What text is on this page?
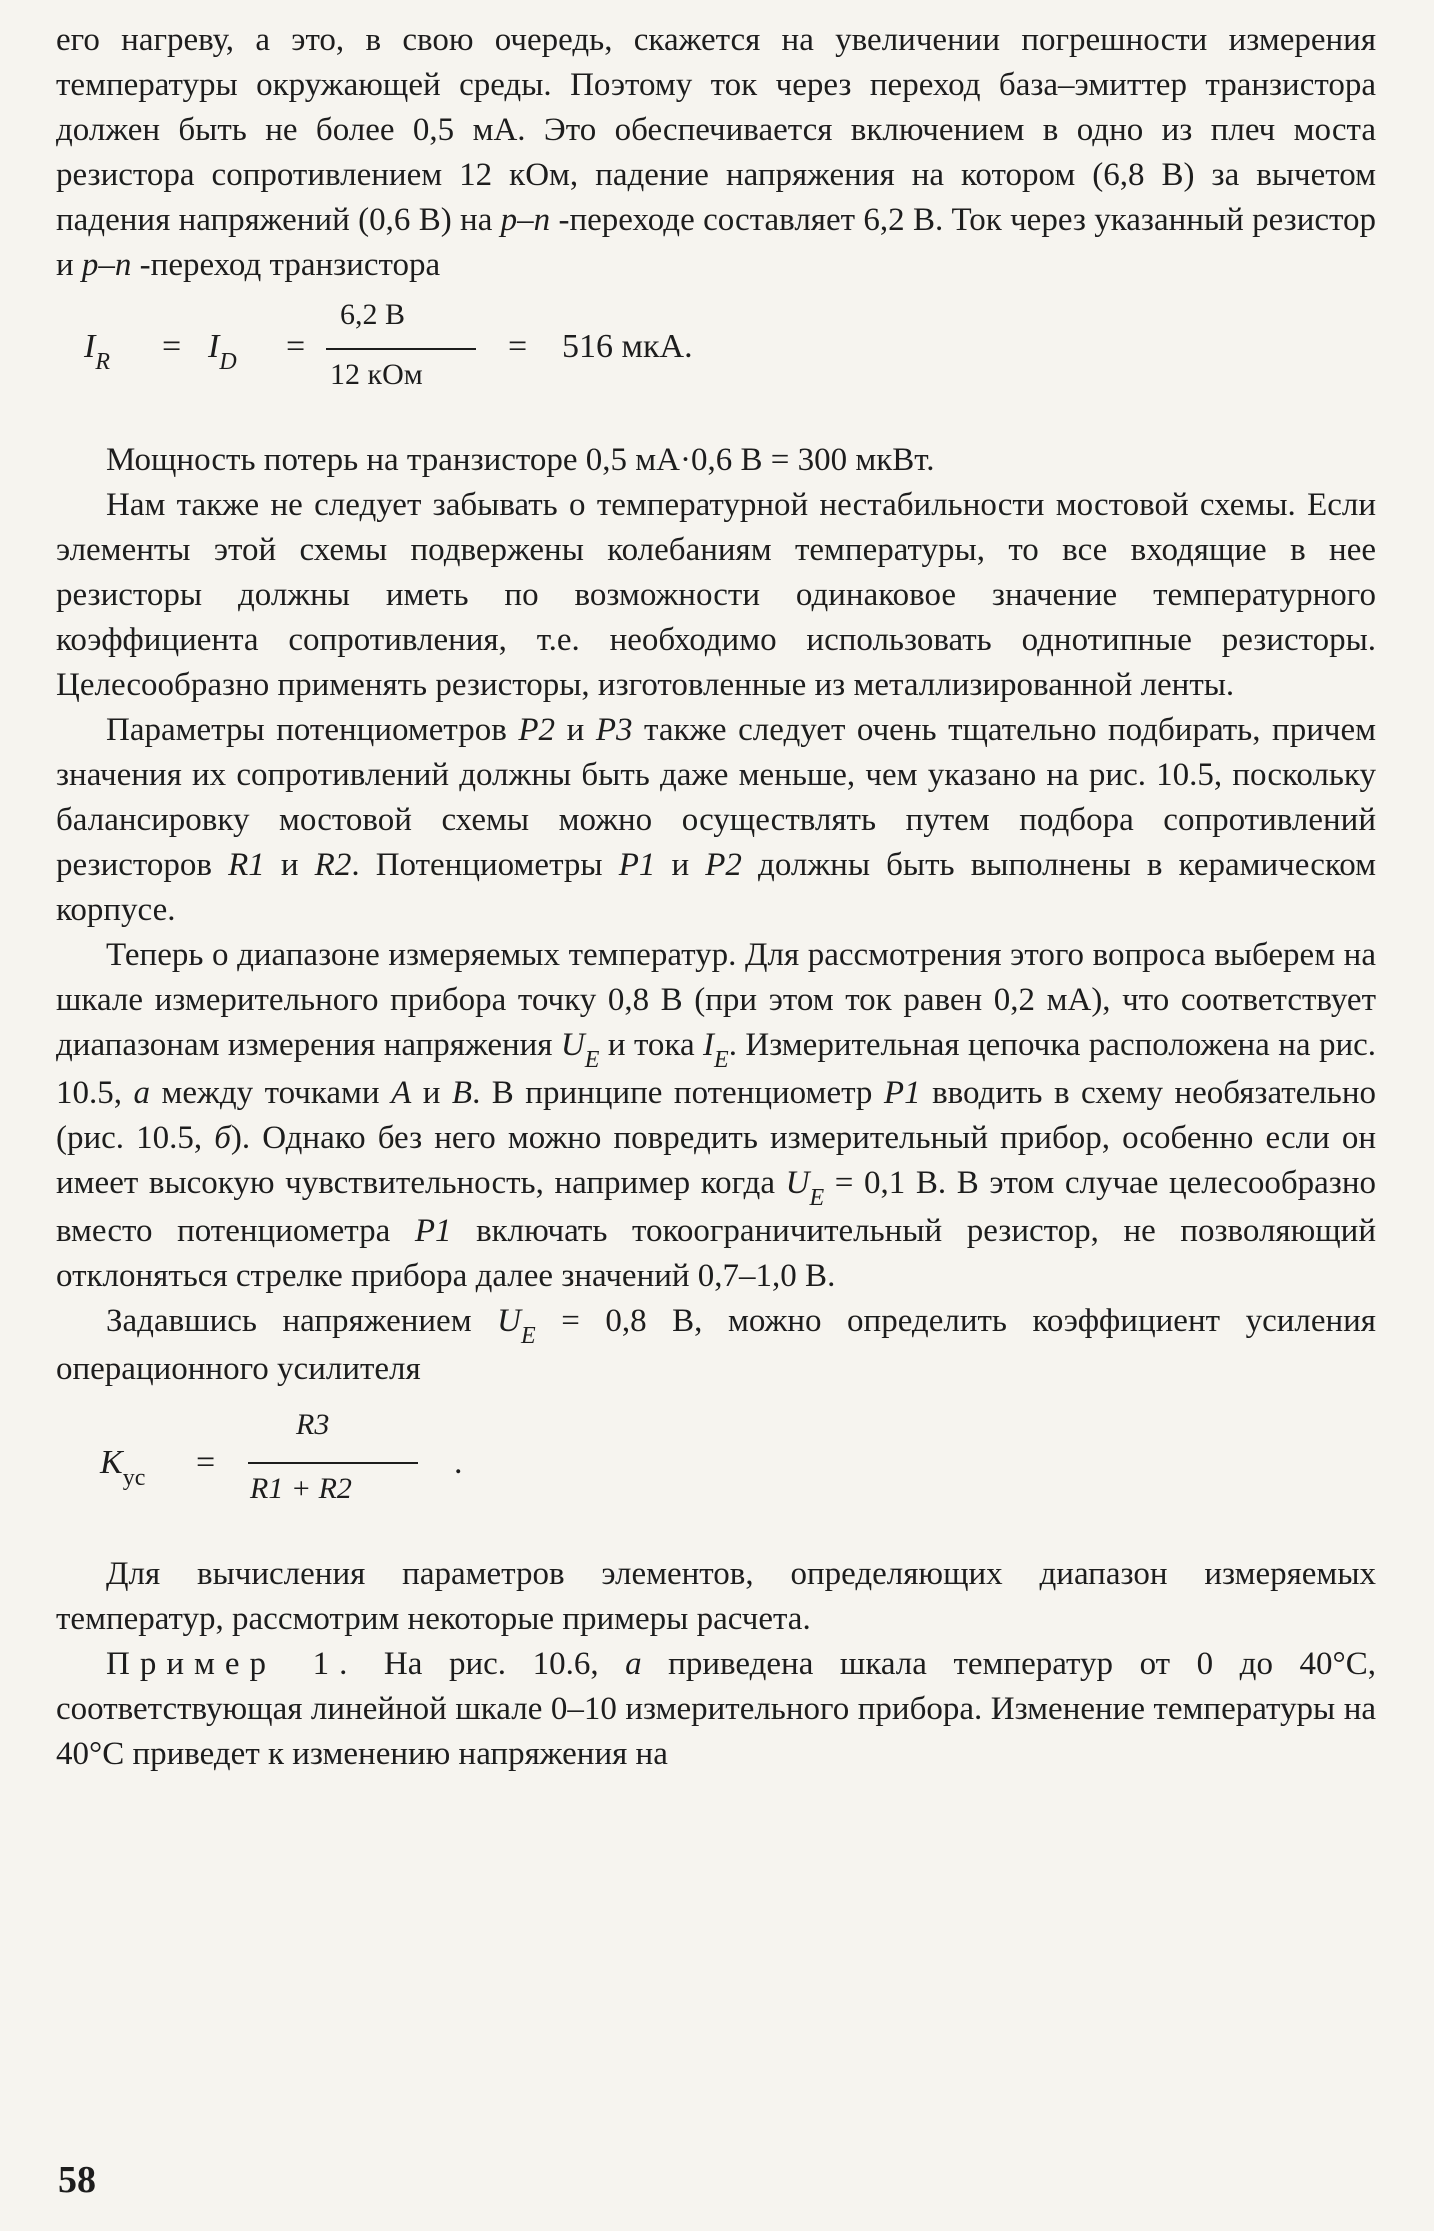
его нагреву, а это, в свою очередь, скажется на увеличении погрешности измерения температуры окружающей среды. Поэтому ток через переход база–эмиттер транзистора должен быть не более 0,5 мА. Это обеспечивается включением в одно из плеч моста резистора сопротивлением 12 кОм, падение напряжения на котором (6,8 В) за вычетом падения напряжений (0,6 В) на p–n -переходе составляет 6,2 В. Ток через указанный резистор и p–n -переход транзистора

$I_R = I_D$ =
6,2 В
12 кОм
= 516 мкА.

Мощность потерь на транзисторе 0,5 мА·0,6 В = 300 мкВт.

Нам также не следует забывать о температурной нестабильности мостовой схемы. Если элементы этой схемы подвержены колебаниям температуры, то все входящие в нее резисторы должны иметь по возможности одинаковое значение температурного коэффициента сопротивления, т.е. необходимо использовать однотипные резисторы. Целесообразно применять резисторы, изготовленные из металлизированной ленты.

Параметры потенциометров P2 и P3 также следует очень тщательно подбирать, причем значения их сопротивлений должны быть даже меньше, чем указано на рис. 10.5, поскольку балансировку мостовой схемы можно осуществлять путем подбора сопротивлений резисторов R1 и R2. Потенциометры P1 и P2 должны быть выполнены в керамическом корпусе.

Теперь о диапазоне измеряемых температур. Для рассмотрения этого вопроса выберем на шкале измерительного прибора точку 0,8 В (при этом ток равен 0,2 мА), что соответствует диапазонам измерения напряжения $U_E$ и тока $I_E$. Измерительная цепочка расположена на рис. 10.5, а между точками A и B. В принципе потенциометр P1 вводить в схему необязательно (рис. 10.5, б). Однако без него можно повредить измерительный прибор, особенно если он имеет высокую чувствительность, например когда $U_E = 0,1$ В. В этом случае целесообразно вместо потенциометра P1 включать токоограничительный резистор, не позволяющий отклоняться стрелке прибора далее значений 0,7–1,0 В.

Задавшись напряжением $U_E = 0,8$ В, можно определить коэффициент усиления операционного усилителя

$K_{ус}$ =
R3
R1 + R2
.

Для вычисления параметров элементов, определяющих диапазон измеряемых температур, рассмотрим некоторые примеры расчета.

Пример 1. На рис. 10.6, а приведена шкала температур от 0 до 40°С, соответствующая линейной шкале 0–10 измерительного прибора. Изменение температуры на 40°С приведет к изменению напряжения на

58
